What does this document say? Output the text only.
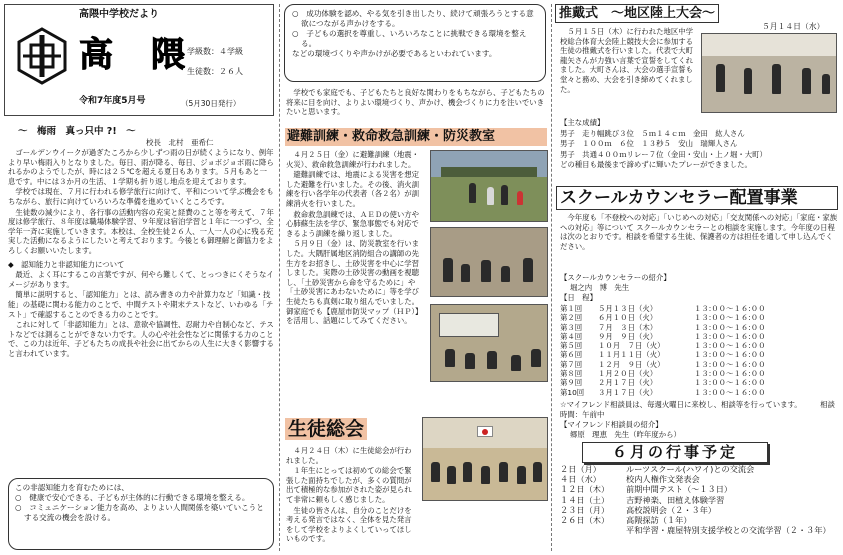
高隈中学校だより
高　隈 学級数：４学級
生徒数：２６人
令和7年度5月号	（5月30日発行）
～　梅雨　真っ只中 ?!　～
校長　北村　亜希仁

　ゴールデンウイークが過ぎたころから少しずつ雨の日が続くようになり、例年より早い梅雨入りとなりました。毎日、雨が降る、毎日、ジョボジョボ雨に降られるかのようでしたが、時には２５℃を超える夏日もあります。５月もあと一息です。中には３か月の生活、１学期も折り返し地点を迎えております。

　学校では現在、７月に行われる修学旅行に向けて、平和について学ぶ機会をもちながら、旅行に向けていろいろな準備を進めていくところです。

　生徒数の減少により、各行事の活動内容の充実と経費のこと等を考えて、７年度は修学旅行、８年度は職場体験学習、９年度は宿泊学習と１年に一つずつ、全学年一斉に実施していきます。本校は、全校生徒２６人、一人一人の心に残る充実した活動になるようにしたいと考えております。今後とも御理解と御協力をよろしくお願いいたします。

◆　認知能力と非認知能力について

　最近、よく耳にするこの言葉ですが、何やら難しくて、とっつきにくそうなイメージがあります。

　簡単に説明すると、「認知能力」とは、読み書きの力や計算力など「知識・技能」の基礎に関わる能力のことで、中間テストや期末テストなど、いわゆる「テスト」で確認することのできる力のことです。

　これに対して「非認知能力」とは、意欲や協調性、忍耐力や自制心など、テストなどでは測ることができない力です。人の心や社会性などに関係する力のことで、この力は近年、子どもたちの成長や社会に出てからの人生に大きく影響すると言われています。

この非認知能力を育むためには、
○　健康で安心できる、子どもが主体的に行動できる環境を整える。
○　コミュニケーション能力を高め、よりよい人間関係を築いていこうとする交流の機会を設ける。
○　成功体験を認め、やる気を引き出したり、続けて頑張ろうとする意欲につながる声かけをする。
○　子どもの選択を尊重し、いろいろなことに挑戦できる環境を整える。
などの環境づくりや声かけが必要であるといわれています。
　学校でも家庭でも、子どもたちと良好な関わりをもちながら、子どもたちの将来に目を向け、よりよい環境づくり、声かけ、機会づくりに力を注いでいきたいと思います。
避難訓練・救命救急訓練・防災教室

　４月２５日（金）に避難訓練（地震・火災）、救命救急訓練が行われました。

　避難訓練では、地震による災害を想定した避難を行いました。その後、消火訓練を行い各学年の代表者（各２名）が訓練消火を行いました。

　救命救急訓練では、ＡＥＤの使い方や心肺蘇生法を学び、緊急事態でも対応できるよう訓練を繰り返しました。

　５月９日（金）は、防災教室を行いました。大隅肝属地区消防組合の講師の先生方をお招きし、土砂災害を中心に学習しました。実際の土砂災害の動画を視聴し、「土砂災害から命を守るために」や「土砂災害にあわないために」等を学び生徒たちも真剣に取り組んでいました。御家庭でも【鹿屋市防災マップ（ＨＰ）】を活用し、話題にしてみてください。

生徒総会

　４月２４日（木）に生徒総会が行われました。

　１年生にとっては初めての総会で緊張した面持ちでしたが、多くの質問が出て積極的な参加がされた姿が見られて非常に頼もしく感じました。

　生徒の皆さんは、自分のことだけを考える発言ではなく、全体を見た発言をして学校をよりよくしていってほしいものです。

推戴式　～地区陸上大会～
５月１４日（水）
　５月１５日（木）に行われた地区中学校総合体育大会陸上競技大会に参加する生徒の推戴式を行いました。代表で大町龍矢さんが力強い言葉で宣誓をしてくれました。大町さんは、大会の選手宣誓も堂々と務め、大会を引き締めてくれました。

【主な成績】

男子　走り幅跳び３位　５ｍ１４ｃｍ　金田　紘人さん

男子　１００ｍ　６位　１３秒５　安山　瑞輝人さん

男子　共通４００ｍリレー７位（金田・安山・上ノ堀・大町）

どの種目も最後まで諦めずに輝いたプレーができました。

スクールカウンセラー配置事業
　今年度も「不登校への対応」「いじめへの対応」「交友関係への対応」「家庭・家族への対応」等について スクールカウンセラーとの相談を実施します。今年度の日程は次のとおりです。相談を希望する生徒、保護者の方は担任を通して申し込んでください。
【スクールカウンセラーの紹介】
堀之内　博　先生
【日　程】
第１回	５月１３日（火）	１３:００～１６:００
第２回	６月１０日（火）	１３:００～１６:００
第３回	７月　３日（木）	１３:００～１６:００
第４回	９月　９日（火）	１３:００～１６:００
第５回	１０月　７日（火）	１３:００～１６:００
第６回	１１月１１日（火）	１３:００～１６:００
第７回	１２月　９日（火）	１３:００～１６:００
第８回	１月２０日（火）	１３:００～１６:００
第９回	２月１７日（火）	１３:００～１６:００
第10回	３月１７日（火）	１３:００～１６:００
☆マイフレンド相談員は、毎週火曜日に来校し、相談等を行っています。　　　相談時間：午前中
【マイフレンド相談員の紹介】
郷原　理恵　先生（昨年度から）
６月の行事予定
２日（月）	ルーツスクール(ハワイ)との交流会
４日（水）	校内人権作文発表会
１２日（木）	前期中間テスト（～１３日）
１４日（土）	吉野神楽、田植え体験学習
２３日（月）	高校説明会（２・３年）
２６日（木）	高隈探訪（１年）
平和学習・鹿屋特別支援学校との交流学習（２・３年）
